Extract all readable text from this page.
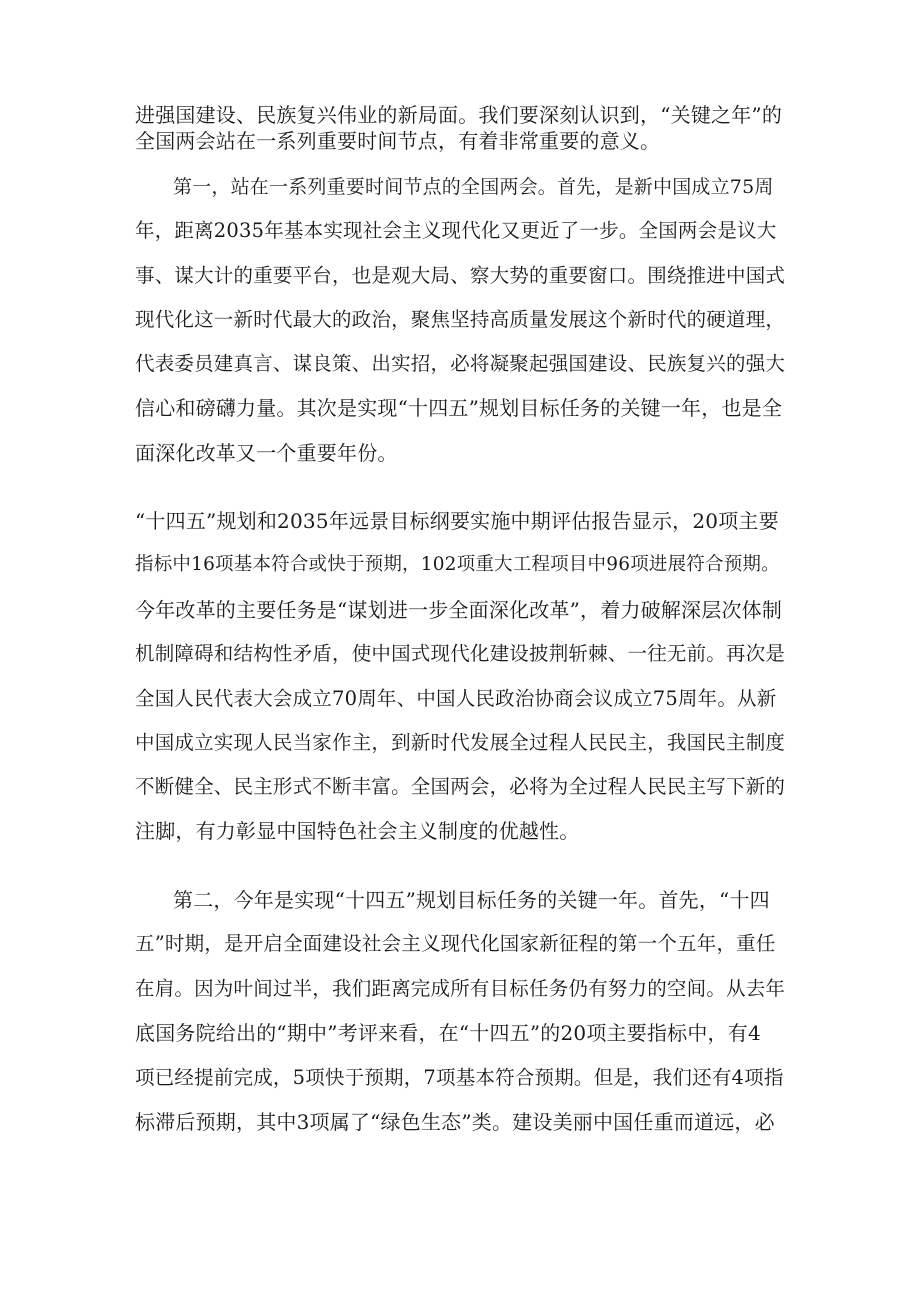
进强国建设、民族复兴伟业的新局面。我们要深刻认识到，“关键之年”的
全国两会站在一系列重要时间节点，有着非常重要的意义。
第一，站在一系列重要时间节点的全国两会。首先，是新中国成立75周
年，距离2035年基本实现社会主义现代化又更近了一步。全国两会是议大
事、谋大计的重要平台，也是观大局、察大势的重要窗口。围绕推进中国式
现代化这一新时代最大的政治，聚焦坚持高质量发展这个新时代的硬道理，
代表委员建真言、谋良策、出实招，必将凝聚起强国建设、民族复兴的强大
信心和磅礴力量。其次是实现“十四五”规划目标任务的关键一年，也是全
面深化改革又一个重要年份。
“十四五”规划和2035年远景目标纲要实施中期评估报告显示，20项主要
指标中16项基本符合或快于预期，102项重大工程项目中96项进展符合预期。
今年改革的主要任务是“谋划进一步全面深化改革”，着力破解深层次体制
机制障碍和结构性矛盾，使中国式现代化建设披荆斩棘、一往无前。再次是
全国人民代表大会成立70周年、中国人民政治协商会议成立75周年。从新
中国成立实现人民当家作主，到新时代发展全过程人民民主，我国民主制度
不断健全、民主形式不断丰富。全国两会，必将为全过程人民民主写下新的
注脚，有力彰显中国特色社会主义制度的优越性。
第二，今年是实现“十四五”规划目标任务的关键一年。首先，“十四
五”时期，是开启全面建设社会主义现代化国家新征程的第一个五年，重任
在肩。因为叶间过半，我们距离完成所有目标任务仍有努力的空间。从去年
底国务院给出的“期中”考评来看，在“十四五”的20项主要指标中，有4
项已经提前完成，5项快于预期，7项基本符合预期。但是，我们还有4项指
标滞后预期，其中3项属了“绿色生态”类。建设美丽中国任重而道远，必
